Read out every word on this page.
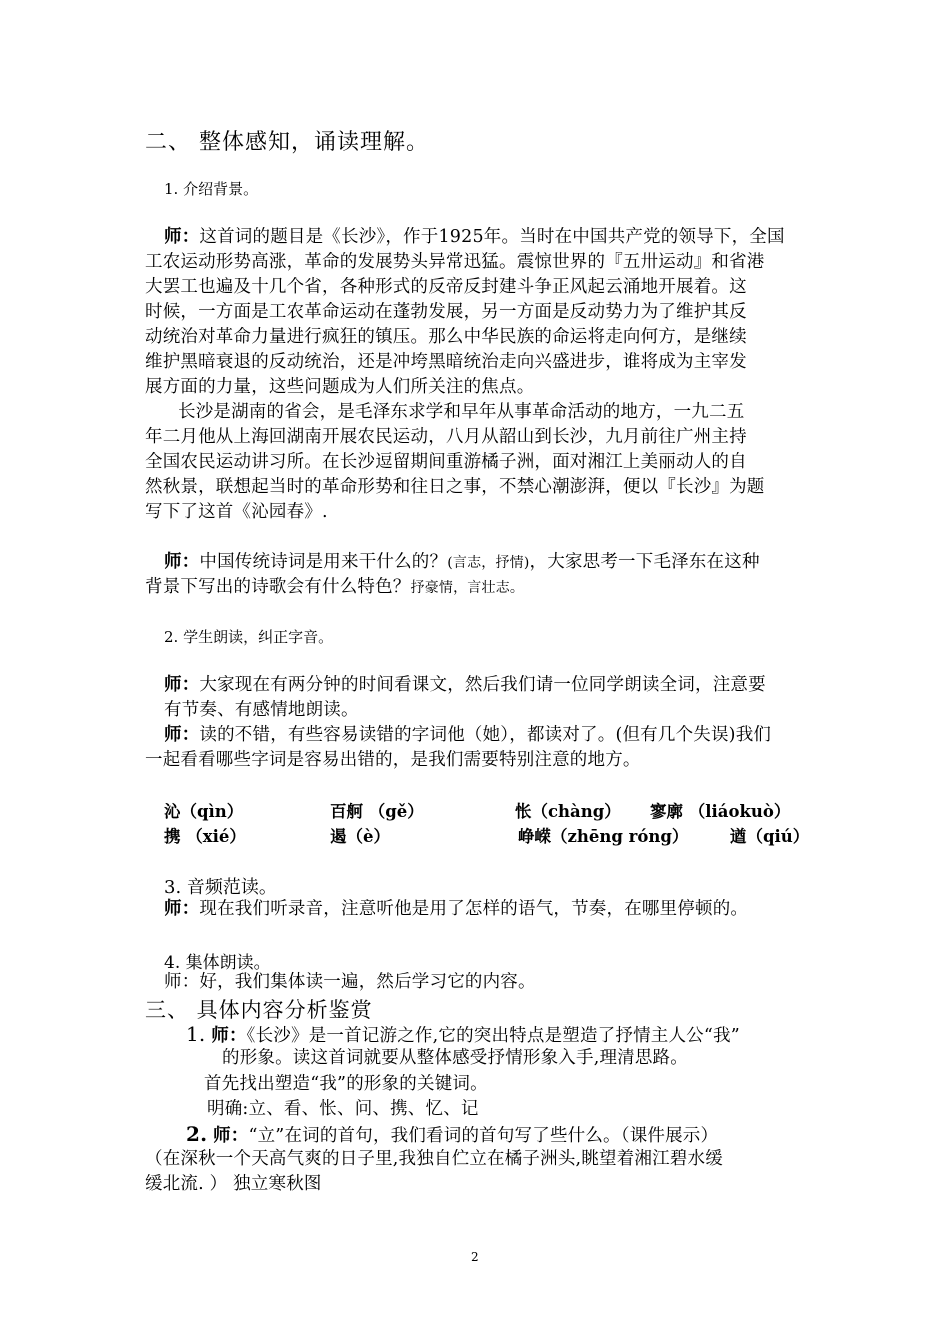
二、 整体感知，诵读理解。
1. 介绍背景。
师：这首词的题目是《长沙》，作于1925年。当时在中国共产党的领导下，全国
工农运动形势高涨，革命的发展势头异常迅猛。震惊世界的『五卅运动』和省港
大罢工也遍及十几个省，各种形式的反帝反封建斗争正风起云涌地开展着。这
时候，一方面是工农革命运动在蓬勃发展，另一方面是反动势力为了维护其反
动统治对革命力量进行疯狂的镇压。那么中华民族的命运将走向何方，是继续
维护黑暗衰退的反动统治，还是冲垮黑暗统治走向兴盛进步，谁将成为主宰发
展方面的力量，这些问题成为人们所关注的焦点。
长沙是湖南的省会，是毛泽东求学和早年从事革命活动的地方，一九二五
年二月他从上海回湖南开展农民运动，八月从韶山到长沙，九月前往广州主持
全国农民运动讲习所。在长沙逗留期间重游橘子洲，面对湘江上美丽动人的自
然秋景，联想起当时的革命形势和往日之事，不禁心潮澎湃，便以『长沙』为题
写下了这首《沁园春》.
师：中国传统诗词是用来干什么的？(言志，抒情)，大家思考一下毛泽东在这种
背景下写出的诗歌会有什么特色？抒豪情，言壮志。
2. 学生朗读，纠正字音。
师：大家现在有两分钟的时间看课文，然后我们请一位同学朗读全词，注意要
有节奏、有感情地朗读。
师：读的不错，有些容易读错的字词他（她），都读对了。(但有几个失误)我们
一起看看哪些字词是容易出错的，是我们需要特别注意的地方。
沁（qìn）	百舸 （gě）	怅（chàng） 寥廓 （liáokuò）
携 （xié）	遏（è）	峥嵘（zhēng róng）	遒（qiú）
3. 音频范读。
师：现在我们听录音，注意听他是用了怎样的语气，节奏，在哪里停顿的。
4. 集体朗读。
师：好，我们集体读一遍，然后学习它的内容。
三、 具体内容分析鉴赏
1. 师：《长沙》是一首记游之作,它的突出特点是塑造了抒情主人公“我”
的形象。读这首词就要从整体感受抒情形象入手,理清思路。
首先找出塑造“我”的形象的关键词。
明确:立、看、怅、问、携、忆、记
2. 师：“立”在词的首句，我们看词的首句写了些什么。（课件展示）
（在深秋一个天高气爽的日子里,我独自伫立在橘子洲头,眺望着湘江碧水缓
缓北流. ） 独立寒秋图
2
